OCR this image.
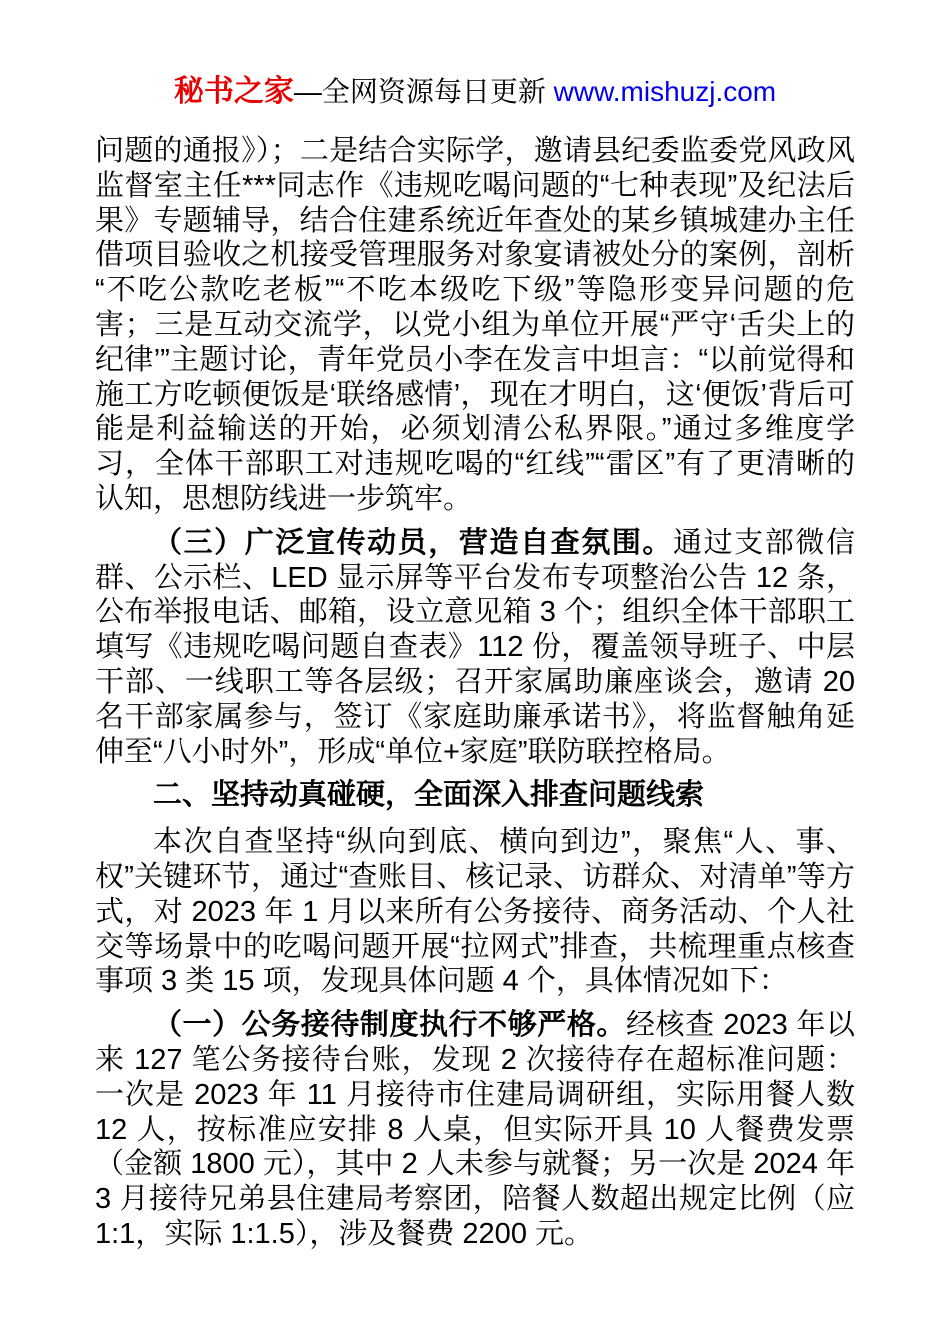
秘书之家—全网资源每日更新 www.mishuzj.com

问题的通报》）；二是结合实际学，邀请县纪委监委党风政风监督室主任***同志作《违规吃喝问题的“七种表现”及纪法后果》专题辅导，结合住建系统近年查处的某乡镇城建办主任借项目验收之机接受管理服务对象宴请被处分的案例，剖析“不吃公款吃老板”“不吃本级吃下级”等隐形变异问题的危害；三是互动交流学，以党小组为单位开展“严守‘舌尖上的纪律’”主题讨论，青年党员小李在发言中坦言：“以前觉得和施工方吃顿便饭是‘联络感情’，现在才明白，这‘便饭’背后可能是利益输送的开始，必须划清公私界限。”通过多维度学习，全体干部职工对违规吃喝的“红线”“雷区”有了更清晰的认知，思想防线进一步筑牢。

（三）广泛宣传动员，营造自查氛围。通过支部微信群、公示栏、LED 显示屏等平台发布专项整治公告 12 条，公布举报电话、邮箱，设立意见箱 3 个；组织全体干部职工填写《违规吃喝问题自查表》112 份，覆盖领导班子、中层干部、一线职工等各层级；召开家属助廉座谈会，邀请 20 名干部家属参与，签订《家庭助廉承诺书》，将监督触角延伸至“八小时外”，形成“单位+家庭”联防联控格局。

二、坚持动真碰硬，全面深入排查问题线索

本次自查坚持“纵向到底、横向到边”，聚焦“人、事、权”关键环节，通过“查账目、核记录、访群众、对清单”等方式，对 2023 年 1 月以来所有公务接待、商务活动、个人社交等场景中的吃喝问题开展“拉网式”排查，共梳理重点核查事项 3 类 15 项，发现具体问题 4 个，具体情况如下：

（一）公务接待制度执行不够严格。经核查 2023 年以来 127 笔公务接待台账，发现 2 次接待存在超标准问题：一次是 2023 年 11 月接待市住建局调研组，实际用餐人数 12 人，按标准应安排 8 人桌，但实际开具 10 人餐费发票（金额 1800 元），其中 2 人未参与就餐；另一次是 2024 年 3 月接待兄弟县住建局考察团，陪餐人数超出规定比例（应 1:1，实际 1:1.5），涉及餐费 2200 元。
